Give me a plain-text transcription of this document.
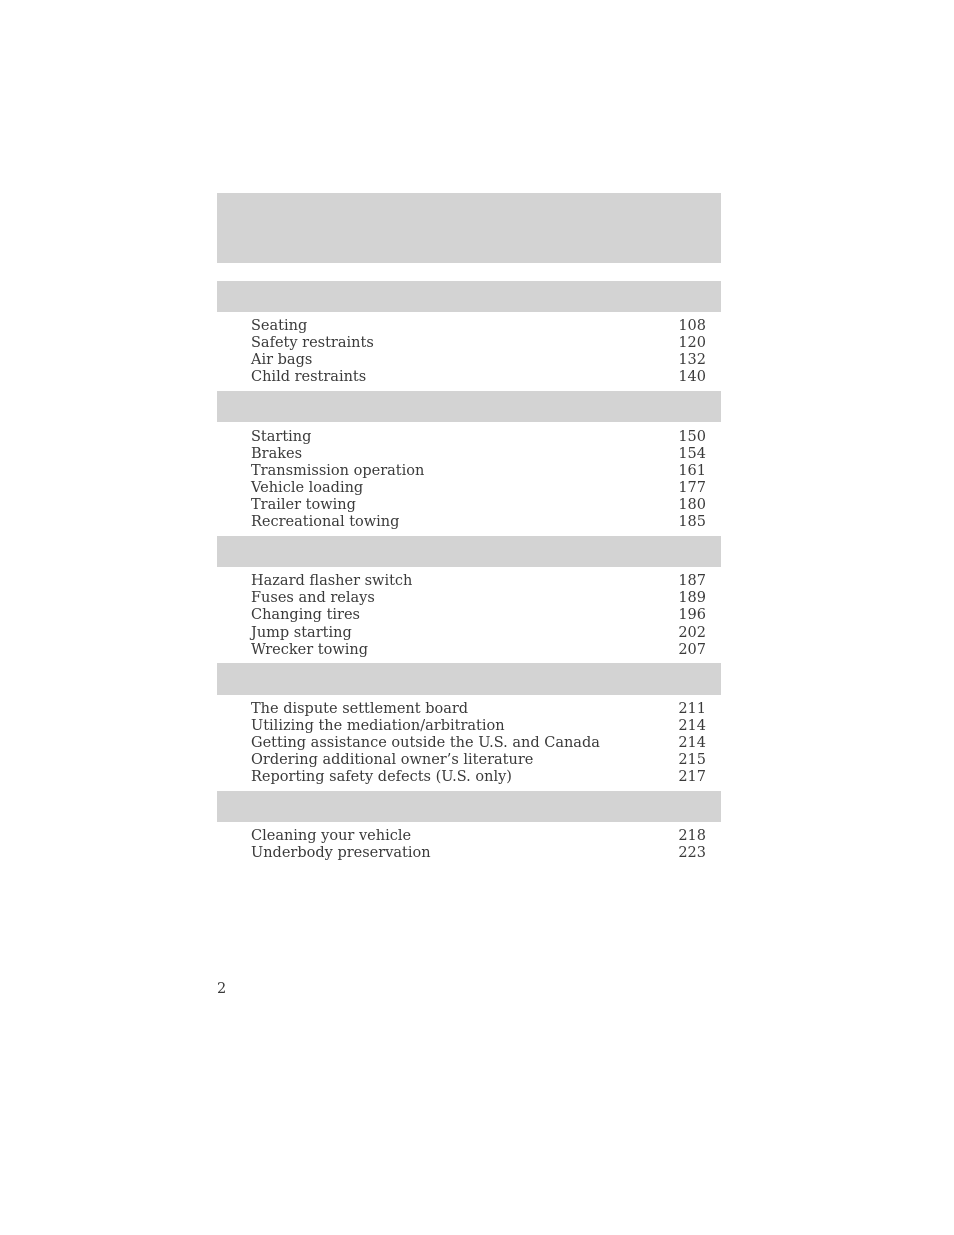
Seating	108
Safety restraints	120
Air bags	132
Child restraints	140
Starting	150
Brakes	154
Transmission operation	161
Vehicle loading	177
Trailer towing	180
Recreational towing	185
Hazard flasher switch	187
Fuses and relays	189
Changing tires	196
Jump starting	202
Wrecker towing	207
The dispute settlement board	211
Utilizing the mediation/arbitration	214
Getting assistance outside the U.S. and Canada	214
Ordering additional owner’s literature	215
Reporting safety defects (U.S. only)	217
Cleaning your vehicle	218
Underbody preservation	223
2
